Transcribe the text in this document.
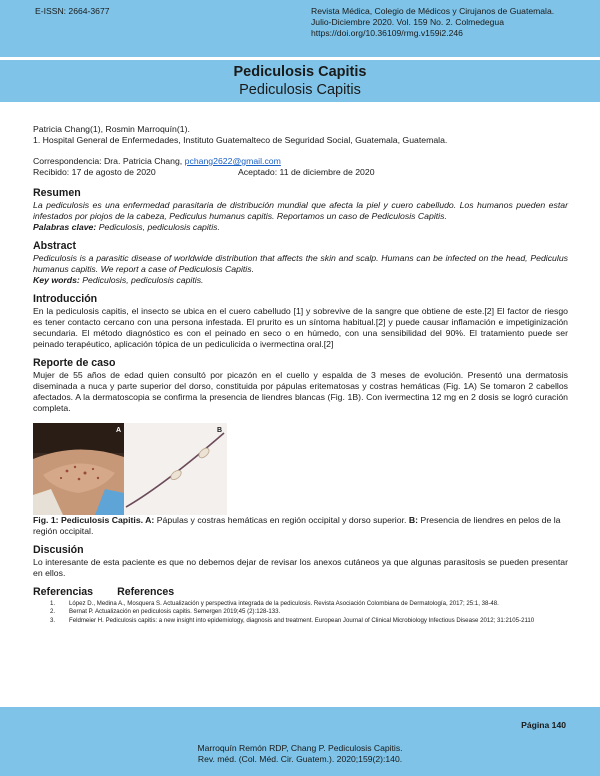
E-ISSN: 2664-3677	Revista Médica, Colegio de Médicos y Cirujanos de Guatemala.
Julio-Diciembre 2020. Vol. 159 No. 2. Colmedegua
https://doi.org/10.36109/rmg.v159i2.246
Pediculosis Capitis
Pediculosis Capitis

Patricia Chang(1), Rosmin Marroquín(1).

1. Hospital General de Enfermedades, Instituto Guatemalteco de Seguridad Social, Guatemala, Guatemala.

Correspondencia: Dra. Patricia Chang, pchang2622@gmail.com

Recibido: 17 de agosto de 2020	Aceptado: 11 de diciembre de 2020

Resumen

La pediculosis es una enfermedad parasitaria de distribución mundial que afecta la piel y cuero cabelludo. Los humanos pueden estar infestados por piojos de la cabeza, Pediculus humanus capitis. Reportamos un caso de Pediculosis Capitis.

Palabras clave: Pediculosis, pediculosis capitis.

Abstract

Pediculosis is a parasitic disease of worldwide distribution that affects the skin and scalp. Humans can be infected on the head, Pediculus humanus capitis. We report a case of Pediculosis Capitis.

Key words: Pediculosis, pediculosis capitis.

Introducción

En la pediculosis capitis, el insecto se ubica en el cuero cabelludo [1] y sobrevive de la sangre que obtiene de este.[2] El factor de riesgo es tener contacto cercano con una persona infestada. El prurito es un síntoma habitual.[2] y puede causar inflamación e impetiginización secundaria. El método diagnóstico es con el peinado en seco o en húmedo, con una sensibilidad del 90%. El tratamiento puede ser peinado terapéutico, aplicación tópica de un pediculicida o ivermectina oral.[2]

Reporte de caso

Mujer de 55 años de edad quien consultó por picazón en el cuello y espalda de 3 meses de evolución. Presentó una dermatosis diseminada a nuca y parte superior del dorso, constituida por pápulas eritematosas y costras hemáticas (Fig. 1A) Se tomaron 2 cabellos afectados. A la dermatoscopia se confirma la presencia de liendres blancas (Fig. 1B). Con ivermectina 12 mg en 2 dosis se logró curación completa.

A	B

Fig. 1: Pediculosis Capitis. A: Pápulas y costras hemáticas en región occipital y dorso superior. B: Presencia de liendres en pelos de la región occipital.

Discusión

Lo interesante de esta paciente es que no debemos dejar de revisar los anexos cutáneos ya que algunas parasitosis se pueden presentar en ellos.

Referencias References
1.	López D., Medina A., Mosquera S. Actualización y perspectiva integrada de la pediculosis. Revista Asociación Colombiana de Dermatología, 2017; 25:1, 38-48.
2.	Bernat P. Actualización en pediculosis capitis. Semergen 2019;45 (2):128-133.
3.	Feldmeier H. Pediculosis capitis: a new insight into epidemiology, diagnosis and treatment. European Journal of Clinical Microbiology Infectious Disease 2012; 31:2105-2110
Página 140
Marroquín Remón RDP, Chang P. Pediculosis Capitis.
Rev. méd. (Col. Méd. Cir. Guatem.). 2020;159(2):140.
